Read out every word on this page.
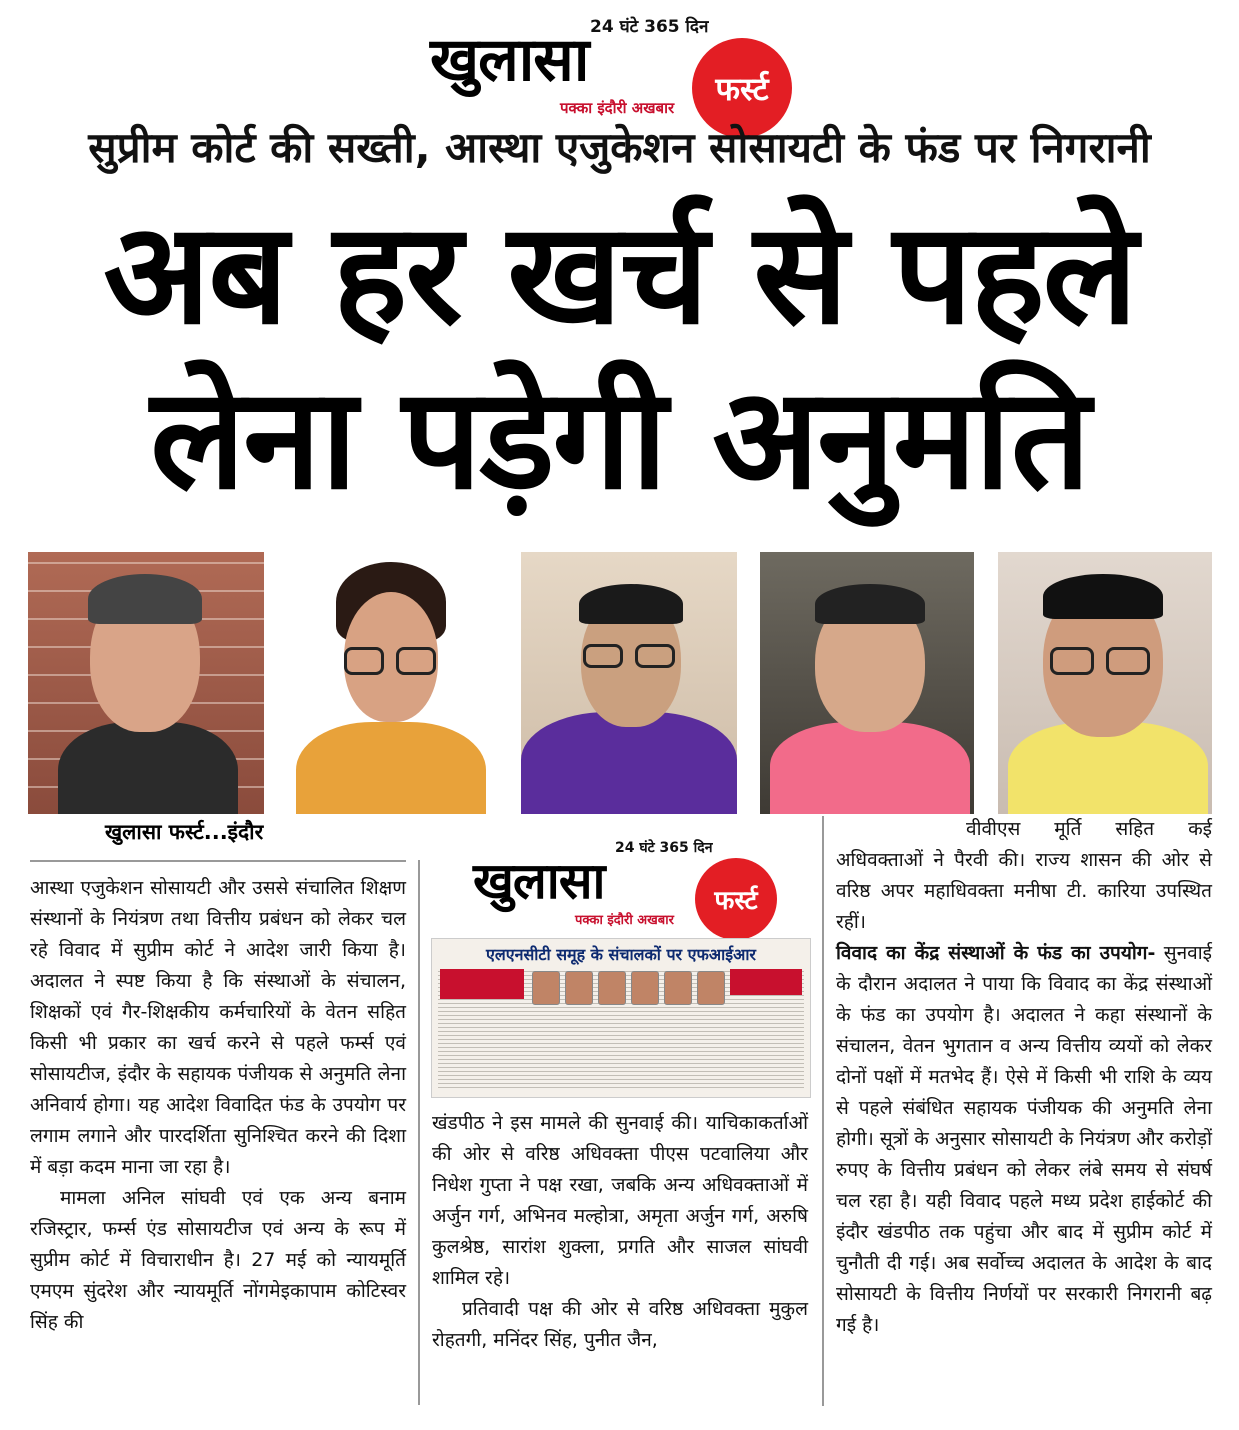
24 घंटे 365 दिन
खुलासा	फर्स्ट
पक्का इंदौरी अखबार
सुप्रीम कोर्ट की सख्ती, आस्था एजुकेशन सोसायटी के फंड पर निगरानी
अब हर खर्च से पहले
लेना पड़ेगी अनुमति
खुलासा फर्स्ट...इंदौर

आस्था एजुकेशन सोसायटी और उससे संचालित शिक्षण संस्थानों के नियंत्रण तथा वित्तीय प्रबंधन को लेकर चल रहे विवाद में सुप्रीम कोर्ट ने आदेश जारी किया है। अदालत ने स्पष्ट किया है कि संस्थाओं के संचालन, शिक्षकों एवं गैर-शिक्षकीय कर्मचारियों के वेतन सहित किसी भी प्रकार का खर्च करने से पहले फर्म्स एवं सोसायटीज, इंदौर के सहायक पंजीयक से अनुमति लेना अनिवार्य होगा। यह आदेश विवादित फंड के उपयोग पर लगाम लगाने और पारदर्शिता सुनिश्चित करने की दिशा में बड़ा कदम माना जा रहा है।

मामला अनिल सांघवी एवं एक अन्य बनाम रजिस्ट्रार, फर्म्स एंड सोसायटीज एवं अन्य के रूप में सुप्रीम कोर्ट में विचाराधीन है। 27 मई को न्यायमूर्ति एमएम सुंदरेश और न्यायमूर्ति नोंगमेइकापाम कोटिस्वर सिंह की

24 घंटे 365 दिन
खुलासा	फर्स्ट
पक्का इंदौरी अखबार
एलएनसीटी समूह के संचालकों पर एफआईआर

खंडपीठ ने इस मामले की सुनवाई की। याचिकाकर्ताओं की ओर से वरिष्ठ अधिवक्ता पीएस पटवालिया और निधेश गुप्ता ने पक्ष रखा, जबकि अन्य अधिवक्ताओं में अर्जुन गर्ग, अभिनव मल्होत्रा, अमृता अर्जुन गर्ग, अरुषि कुलश्रेष्ठ, सारांश शुक्ला, प्रगति और साजल सांघवी शामिल रहे।

प्रतिवादी पक्ष की ओर से वरिष्ठ अधिवक्ता मुकुल रोहतगी, मनिंदर सिंह, पुनीत जैन,

वीवीएस मूर्ति सहित कई अधिवक्ताओं ने पैरवी की। राज्य शासन की ओर से वरिष्ठ अपर महाधिवक्ता मनीषा टी. कारिया उपस्थित रहीं।

विवाद का केंद्र संस्थाओं के फंड का उपयोग- सुनवाई के दौरान अदालत ने पाया कि विवाद का केंद्र संस्थाओं के फंड का उपयोग है। अदालत ने कहा संस्थानों के संचालन, वेतन भुगतान व अन्य वित्तीय व्ययों को लेकर दोनों पक्षों में मतभेद हैं। ऐसे में किसी भी राशि के व्यय से पहले संबंधित सहायक पंजीयक की अनुमति लेना होगी। सूत्रों के अनुसार सोसायटी के नियंत्रण और करोड़ों रुपए के वित्तीय प्रबंधन को लेकर लंबे समय से संघर्ष चल रहा है। यही विवाद पहले मध्य प्रदेश हाईकोर्ट की इंदौर खंडपीठ तक पहुंचा और बाद में सुप्रीम कोर्ट में चुनौती दी गई। अब सर्वोच्च अदालत के आदेश के बाद सोसायटी के वित्तीय निर्णयों पर सरकारी निगरानी बढ़ गई है।
